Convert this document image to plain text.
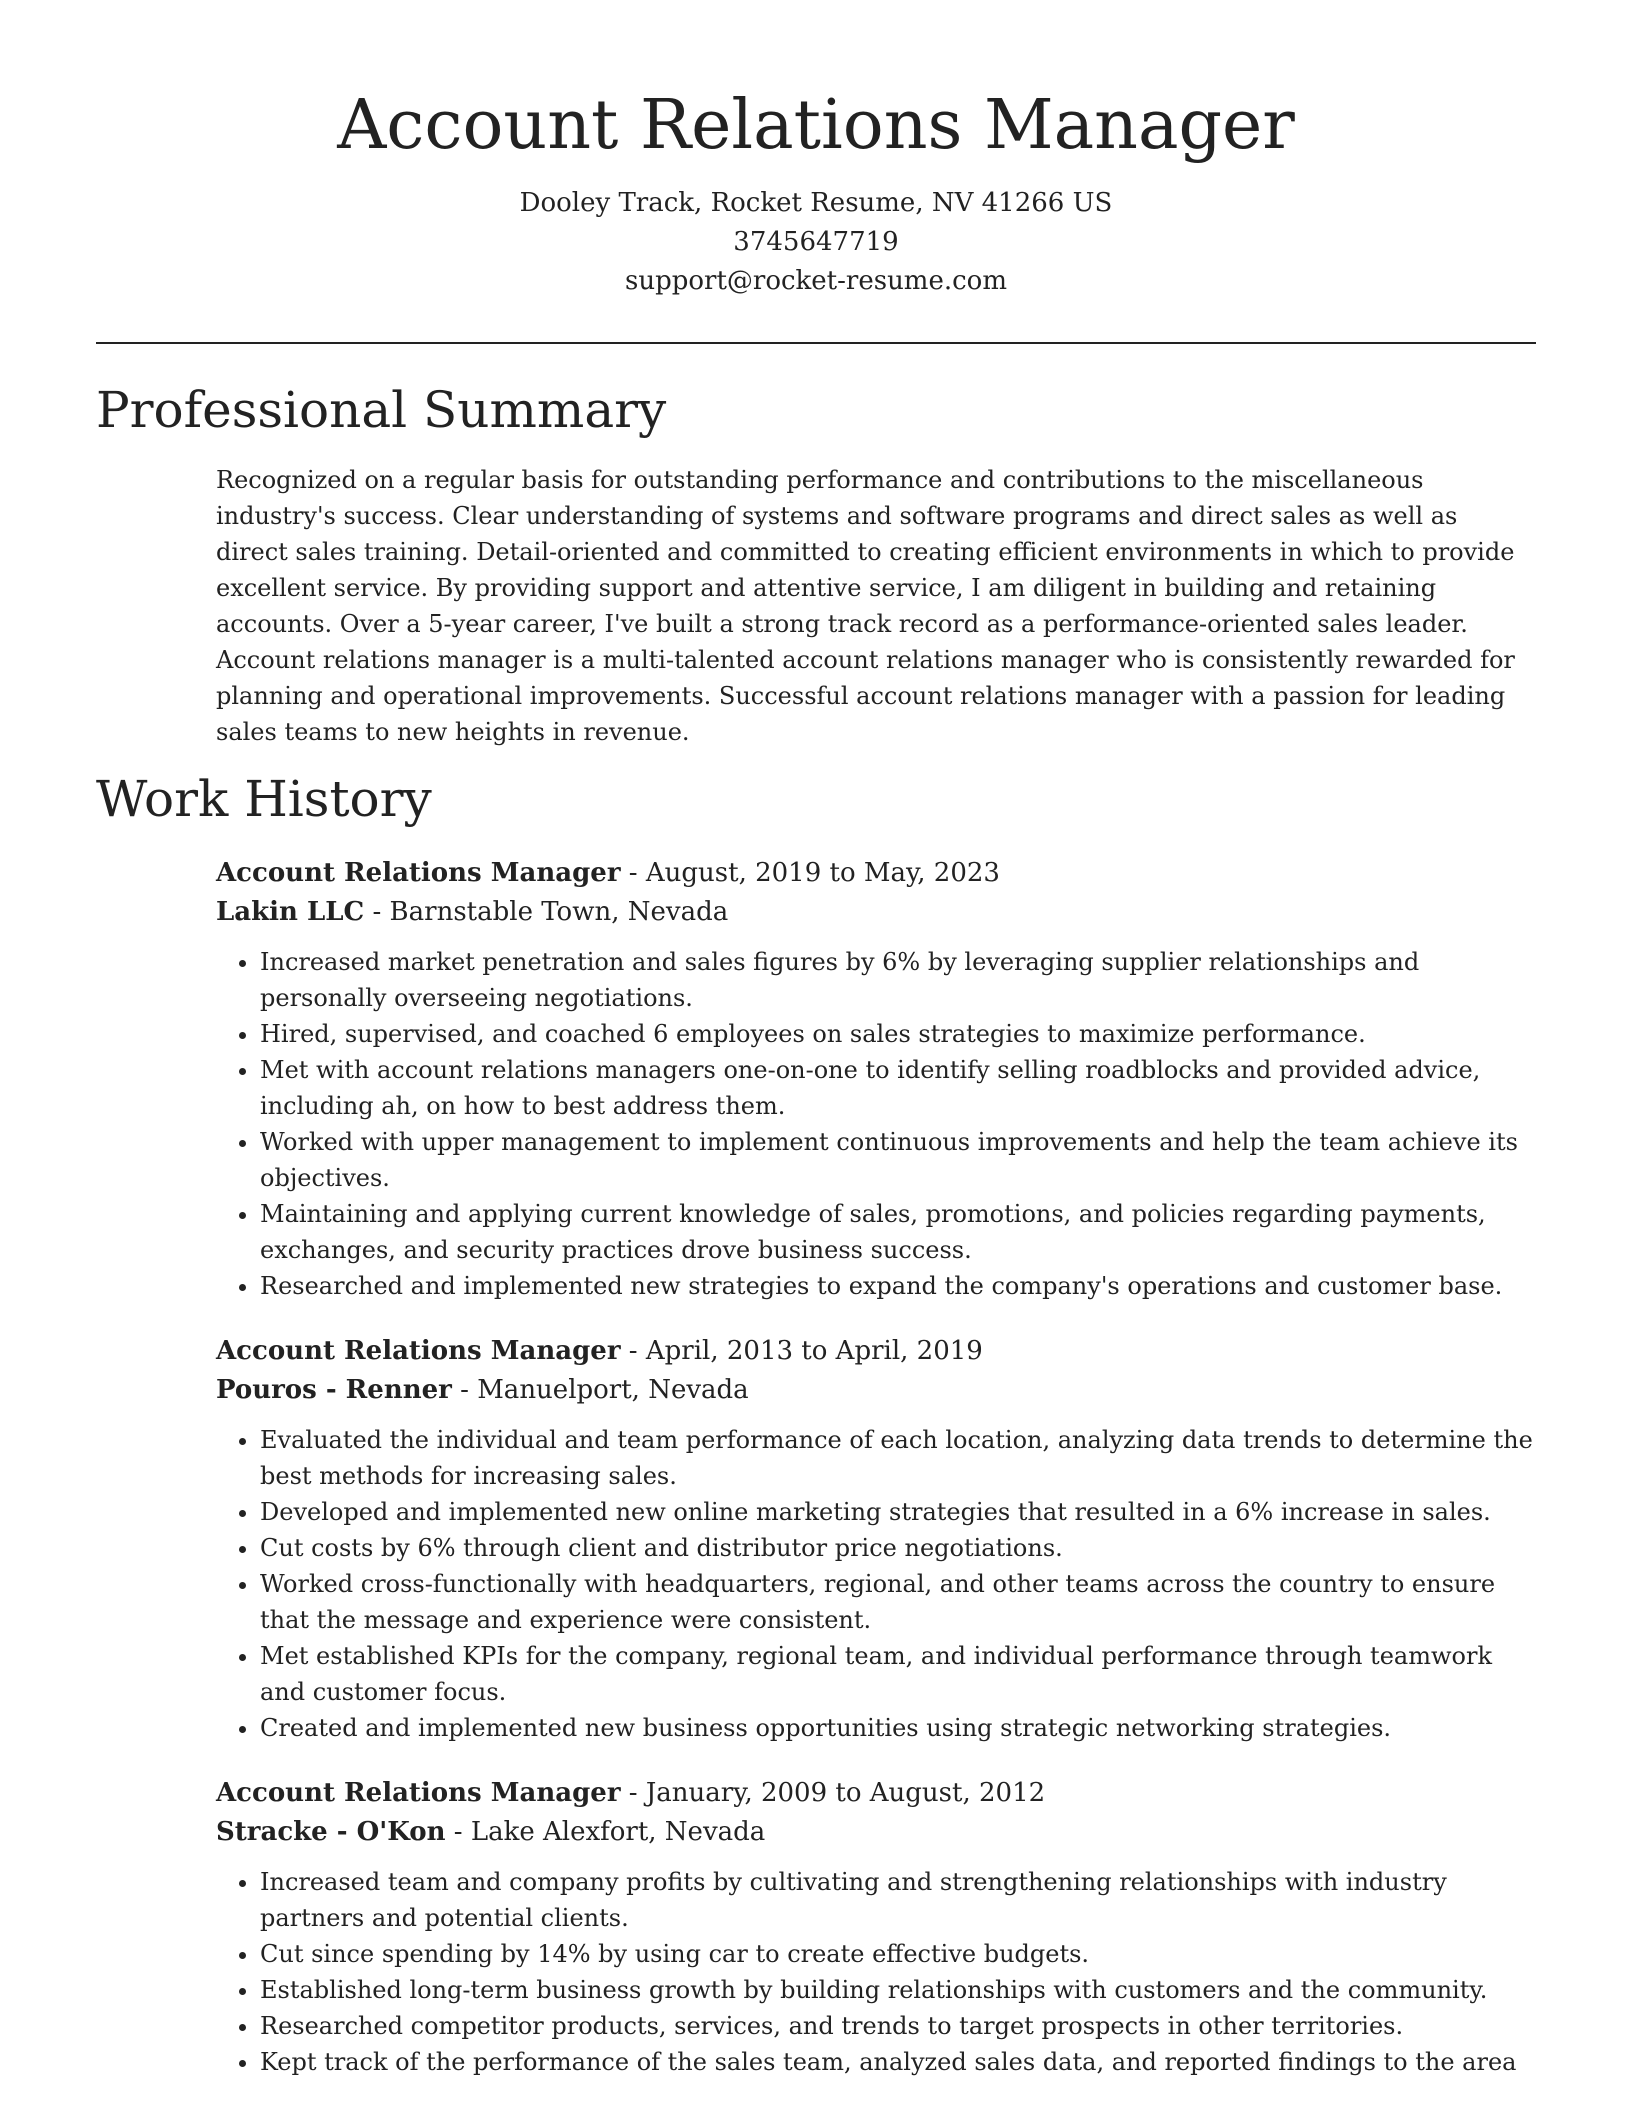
Account Relations Manager

Dooley Track, Rocket Resume, NV 41266 US

3745647719

support@rocket-resume.com

Professional Summary

Recognized on a regular basis for outstanding performance and contributions to the miscellaneous industry's success. Clear understanding of systems and software programs and direct sales as well as direct sales training. Detail-oriented and committed to creating efficient environments in which to provide excellent service. By providing support and attentive service, I am diligent in building and retaining accounts. Over a 5-year career, I've built a strong track record as a performance-oriented sales leader. Account relations manager is a multi-talented account relations manager who is consistently rewarded for planning and operational improvements. Successful account relations manager with a passion for leading sales teams to new heights in revenue.

Work History

Account Relations Manager - August, 2019 to May, 2023

Lakin LLC - Barnstable Town, Nevada

• Increased market penetration and sales figures by 6% by leveraging supplier relationships and personally overseeing negotiations.
• Hired, supervised, and coached 6 employees on sales strategies to maximize performance.
• Met with account relations managers one-on-one to identify selling roadblocks and provided advice, including ah, on how to best address them.
• Worked with upper management to implement continuous improvements and help the team achieve its objectives.
• Maintaining and applying current knowledge of sales, promotions, and policies regarding payments, exchanges, and security practices drove business success.
• Researched and implemented new strategies to expand the company's operations and customer base.

Account Relations Manager - April, 2013 to April, 2019

Pouros - Renner - Manuelport, Nevada

• Evaluated the individual and team performance of each location, analyzing data trends to determine the best methods for increasing sales.
• Developed and implemented new online marketing strategies that resulted in a 6% increase in sales.
• Cut costs by 6% through client and distributor price negotiations.
• Worked cross-functionally with headquarters, regional, and other teams across the country to ensure that the message and experience were consistent.
• Met established KPIs for the company, regional team, and individual performance through teamwork and customer focus.
• Created and implemented new business opportunities using strategic networking strategies.

Account Relations Manager - January, 2009 to August, 2012

Stracke - O'Kon - Lake Alexfort, Nevada

• Increased team and company profits by cultivating and strengthening relationships with industry partners and potential clients.
• Cut since spending by 14% by using car to create effective budgets.
• Established long-term business growth by building relationships with customers and the community.
• Researched competitor products, services, and trends to target prospects in other territories.
• Kept track of the performance of the sales team, analyzed sales data, and reported findings to the area
